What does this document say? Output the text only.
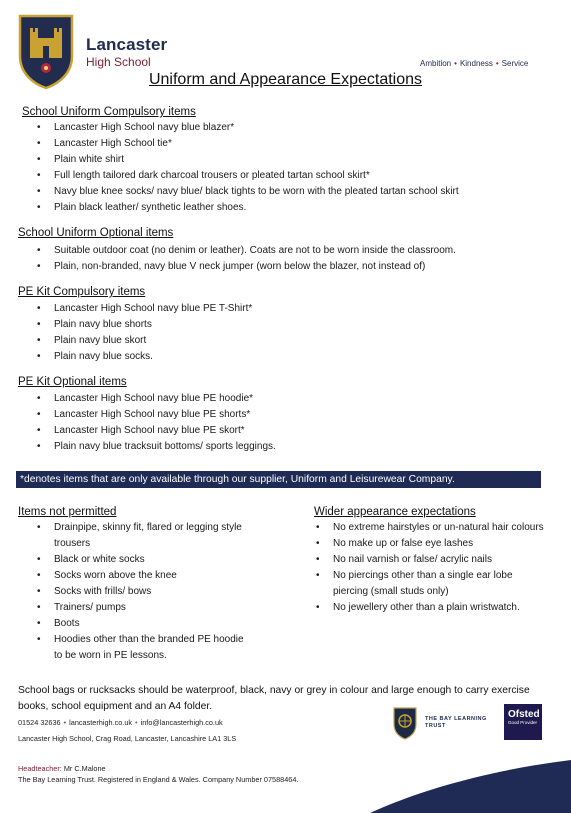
Lancaster
High School	Ambition • Kindness • Service
Uniform and Appearance Expectations
School Uniform Compulsory items
• Lancaster High School navy blue blazer*
• Lancaster High School tie*
• Plain white shirt
• Full length tailored dark charcoal trousers or pleated tartan school skirt*
• Navy blue knee socks/ navy blue/ black tights to be worn with the pleated tartan school skirt
• Plain black leather/ synthetic leather shoes.
School Uniform Optional items
• Suitable outdoor coat (no denim or leather). Coats are not to be worn inside the classroom.
• Plain, non-branded, navy blue V neck jumper (worn below the blazer, not instead of)
PE Kit Compulsory items
• Lancaster High School navy blue PE T-Shirt*
• Plain navy blue shorts
• Plain navy blue skort
• Plain navy blue socks.
PE Kit Optional items
• Lancaster High School navy blue PE hoodie*
• Lancaster High School navy blue PE shorts*
• Lancaster High School navy blue PE skort*
• Plain navy blue tracksuit bottoms/ sports leggings.
*denotes items that are only available through our supplier, Uniform and Leisurewear Company.
Items not permitted
• Drainpipe, skinny fit, flared or legging style trousers
• Black or white socks
• Socks worn above the knee
• Socks with frills/ bows
• Trainers/ pumps
• Boots
• Hoodies other than the branded PE hoodie to be worn in PE lessons.
Wider appearance expectations
• No extreme hairstyles or un-natural hair colours
• No make up or false eye lashes
• No nail varnish or false/ acrylic nails
• No piercings other than a single ear lobe piercing (small studs only)
• No jewellery other than a plain wristwatch.
School bags or rucksacks should be waterproof, black, navy or grey in colour and large enough to carry exercise books, school equipment and an A4 folder.
01524 32636 • lancasterhigh.co.uk • info@lancasterhigh.co.uk
Lancaster High School, Crag Road, Lancaster, Lancashire LA1 3LS
Headteacher: Mr C.Malone
The Bay Learning Trust. Registered in England & Wales. Company Number 07588464.
THE BAY LEARNING TRUST
Ofsted
Good Provider
